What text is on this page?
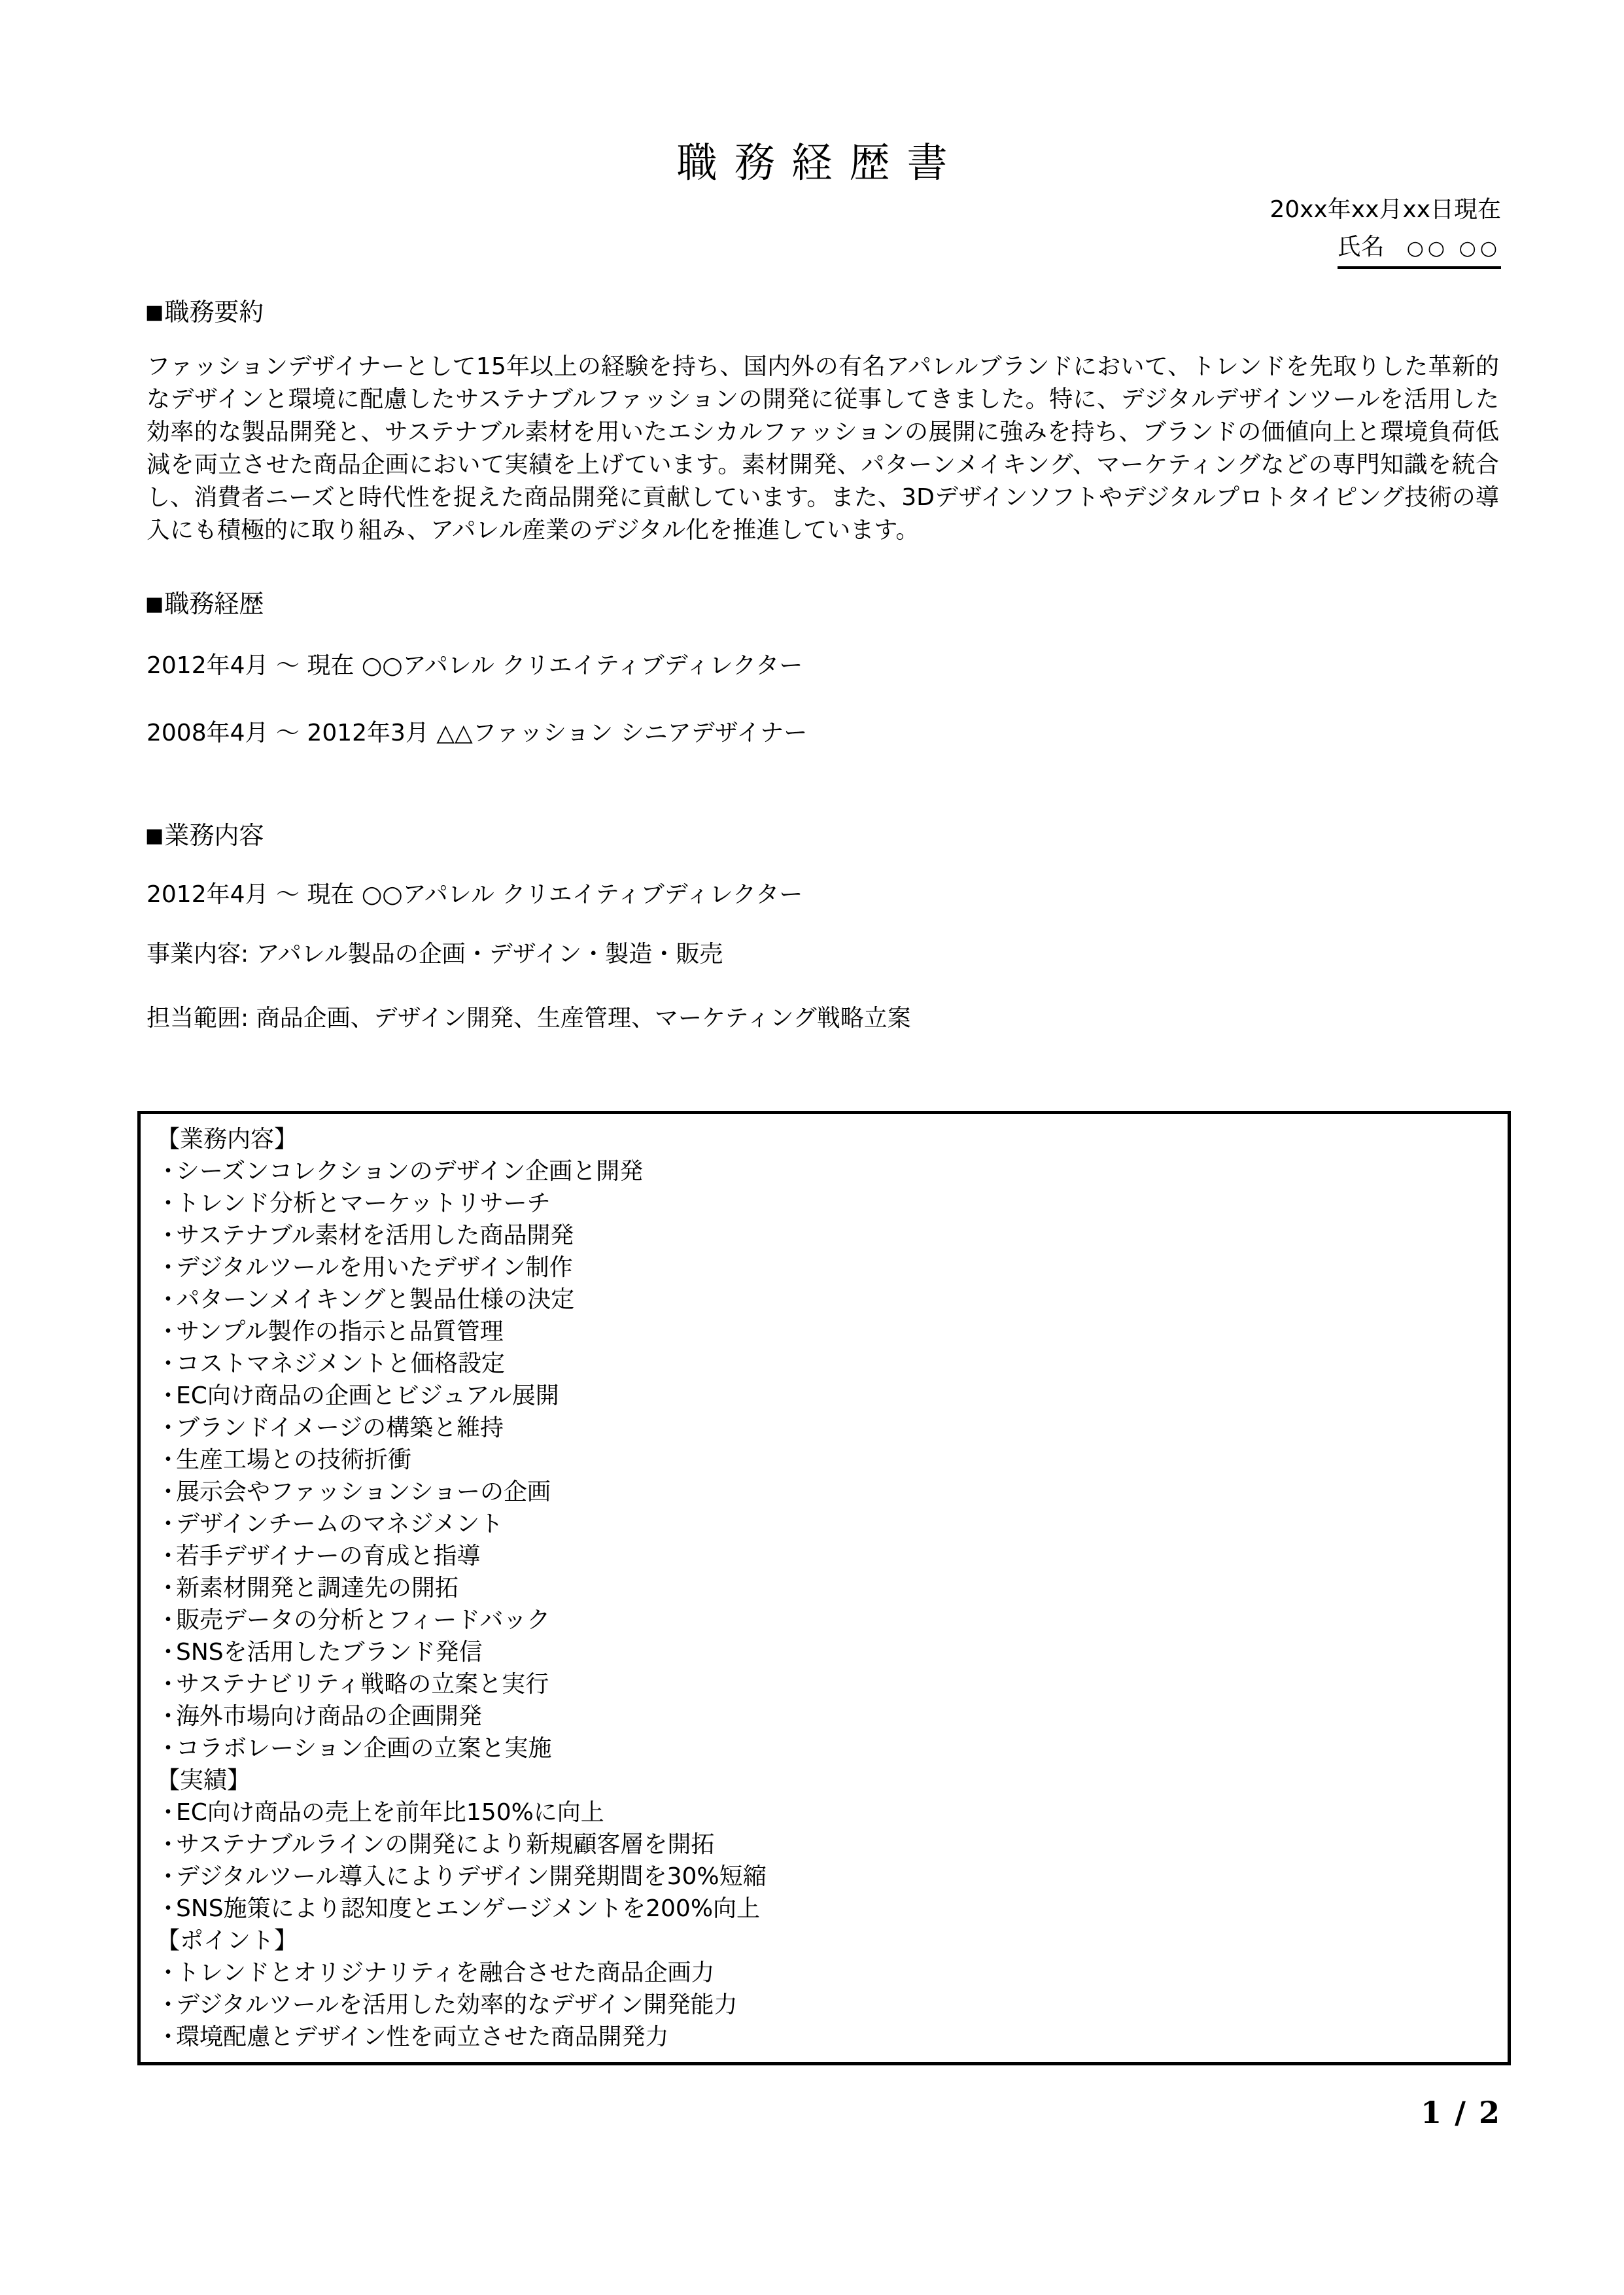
職務経歴書
20xx年xx月xx日現在
氏名 ○○ ○○
■職務要約
ファッションデザイナーとして15年以上の経験を持ち、国内外の有名アパレルブランドにおいて、トレンドを先取りした革新的なデザインと環境に配慮したサステナブルファッションの開発に従事してきました。特に、デジタルデザインツールを活用した効率的な製品開発と、サステナブル素材を用いたエシカルファッションの展開に強みを持ち、ブランドの価値向上と環境負荷低減を両立させた商品企画において実績を上げています。素材開発、パターンメイキング、マーケティングなどの専門知識を統合し、消費者ニーズと時代性を捉えた商品開発に貢献しています。また、3Dデザインソフトやデジタルプロトタイピング技術の導入にも積極的に取り組み、アパレル産業のデジタル化を推進しています。
■職務経歴
2012年4月 ～ 現在 ○○アパレル クリエイティブディレクター
2008年4月 ～ 2012年3月 △△ファッション シニアデザイナー
■業務内容
2012年4月 ～ 現在 ○○アパレル クリエイティブディレクター
事業内容: アパレル製品の企画・デザイン・製造・販売
担当範囲: 商品企画、デザイン開発、生産管理、マーケティング戦略立案
【業務内容】
・シーズンコレクションのデザイン企画と開発
・トレンド分析とマーケットリサーチ
・サステナブル素材を活用した商品開発
・デジタルツールを用いたデザイン制作
・パターンメイキングと製品仕様の決定
・サンプル製作の指示と品質管理
・コストマネジメントと価格設定
・EC向け商品の企画とビジュアル展開
・ブランドイメージの構築と維持
・生産工場との技術折衝
・展示会やファッションショーの企画
・デザインチームのマネジメント
・若手デザイナーの育成と指導
・新素材開発と調達先の開拓
・販売データの分析とフィードバック
・SNSを活用したブランド発信
・サステナビリティ戦略の立案と実行
・海外市場向け商品の企画開発
・コラボレーション企画の立案と実施
【実績】
・EC向け商品の売上を前年比150%に向上
・サステナブルラインの開発により新規顧客層を開拓
・デジタルツール導入によりデザイン開発期間を30%短縮
・SNS施策により認知度とエンゲージメントを200%向上
【ポイント】
・トレンドとオリジナリティを融合させた商品企画力
・デジタルツールを活用した効率的なデザイン開発能力
・環境配慮とデザイン性を両立させた商品開発力
1 / 2
